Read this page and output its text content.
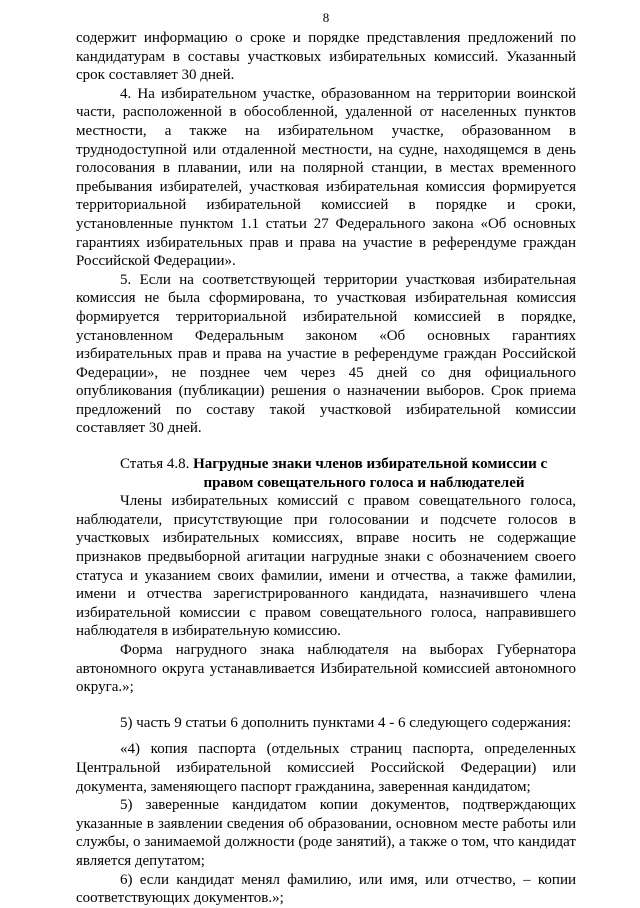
8

содержит информацию о сроке и порядке представления предложений по кандидатурам в составы участковых избирательных комиссий. Указанный срок составляет 30 дней.

4. На избирательном участке, образованном на территории воинской части, расположенной в обособленной, удаленной от населенных пунктов местности, а также на избирательном участке, образованном в труднодоступной или отдаленной местности, на судне, находящемся в день голосования в плавании, или на полярной станции, в местах временного пребывания избирателей, участковая избирательная комиссия формируется территориальной избирательной комиссией в порядке и сроки, установленные пунктом 1.1 статьи 27 Федерального закона «Об основных гарантиях избирательных прав и права на участие в референдуме граждан Российской Федерации».

5. Если на соответствующей территории участковая избирательная комиссия не была сформирована, то участковая избирательная комиссия формируется территориальной избирательной комиссией в порядке, установленном Федеральным законом «Об основных гарантиях избирательных прав и права на участие в референдуме граждан Российской Федерации», не позднее чем через 45 дней со дня официального опубликования (публикации) решения о назначении выборов. Срок приема предложений по составу такой участковой избирательной комиссии составляет 30 дней.

Статья 4.8. Нагрудные знаки членов избирательной комиссии с
правом совещательного голоса и наблюдателей

Члены избирательных комиссий с правом совещательного голоса, наблюдатели, присутствующие при голосовании и подсчете голосов в участковых избирательных комиссиях, вправе носить не содержащие признаков предвыборной агитации нагрудные знаки с обозначением своего статуса и указанием своих фамилии, имени и отчества, а также фамилии, имени и отчества зарегистрированного кандидата, назначившего члена избирательной комиссии с правом совещательного голоса, направившего наблюдателя в избирательную комиссию.

Форма нагрудного знака наблюдателя на выборах Губернатора автономного округа устанавливается Избирательной комиссией автономного округа.»;

5) часть 9 статьи 6 дополнить пунктами 4 - 6 следующего содержания:

«4) копия паспорта (отдельных страниц паспорта, определенных Центральной избирательной комиссией Российской Федерации) или документа, заменяющего паспорт гражданина, заверенная кандидатом;

5) заверенные кандидатом копии документов, подтверждающих указанные в заявлении сведения об образовании, основном месте работы или службы, о занимаемой должности (роде занятий), а также о том, что кандидат является депутатом;

6) если кандидат менял фамилию, или имя, или отчество, – копии соответствующих документов.»;
